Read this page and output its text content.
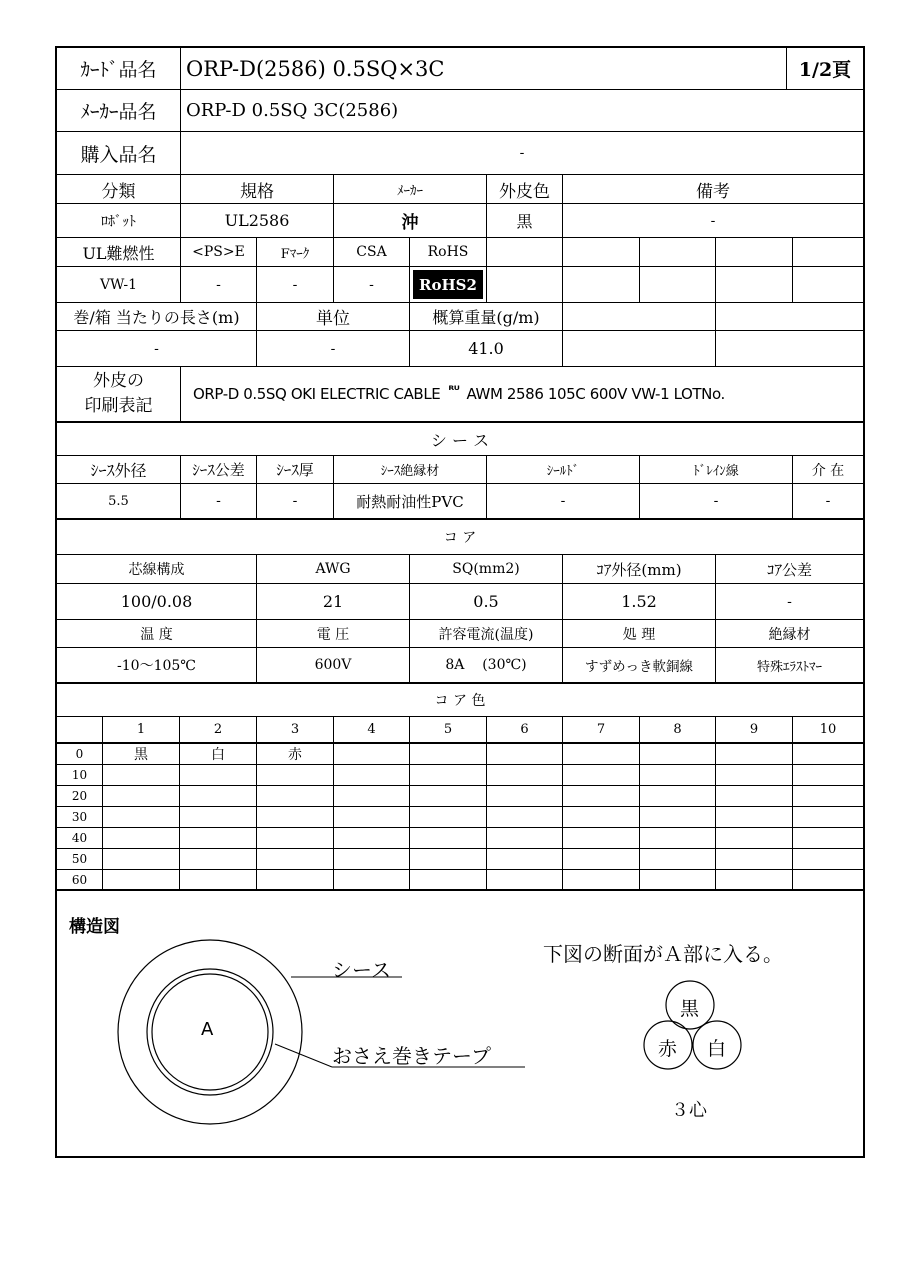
ｶｰﾄﾞ品名	ORP-D(2586) 0.5SQ×3C	1/2頁
ﾒｰｶｰ品名	ORP-D 0.5SQ 3C(2586)
購入品名	-
分類	規格	ﾒｰｶｰ	外皮色	備考
ﾛﾎﾞｯﾄ	UL2586	沖	黒	-
UL難燃性	<PS>E	Fﾏｰｸ	CSA	RoHS
VW-1	-	-	-	RoHS2
巻/箱 当たりの長さ(m)	単位	概算重量(g/m)
-	-	41.0
外皮の
印刷表記
ORP-D 0.5SQ OKI ELECTRIC CABLE ᴿᵁ AWM 2586 105C 600V VW-1 LOTNo.
シ ー ス
ｼｰｽ外径	ｼｰｽ公差	ｼｰｽ厚	ｼｰｽ絶縁材	ｼｰﾙﾄﾞ	ﾄﾞﾚｲﾝ線	介 在
5.5	-	-	耐熱耐油性PVC	-	-	-
コ ア
芯線構成	AWG	SQ(mm2)	ｺｱ外径(mm)	ｺｱ公差
100/0.08	21	0.5	1.52	-
温 度	電 圧	許容電流(温度)	処 理	絶縁材
-10～105℃	600V	8A    (30℃)	すずめっき軟銅線	特殊ｴﾗｽﾄﾏｰ
コ ア 色
1	2	3	4	5	6	7	8	9	10
0	黒	白	赤
10
20
30
40
50
60
構造図
A
シース
おさえ巻きテープ
下図の断面がＡ部に入る。
黒
赤 白
３心
